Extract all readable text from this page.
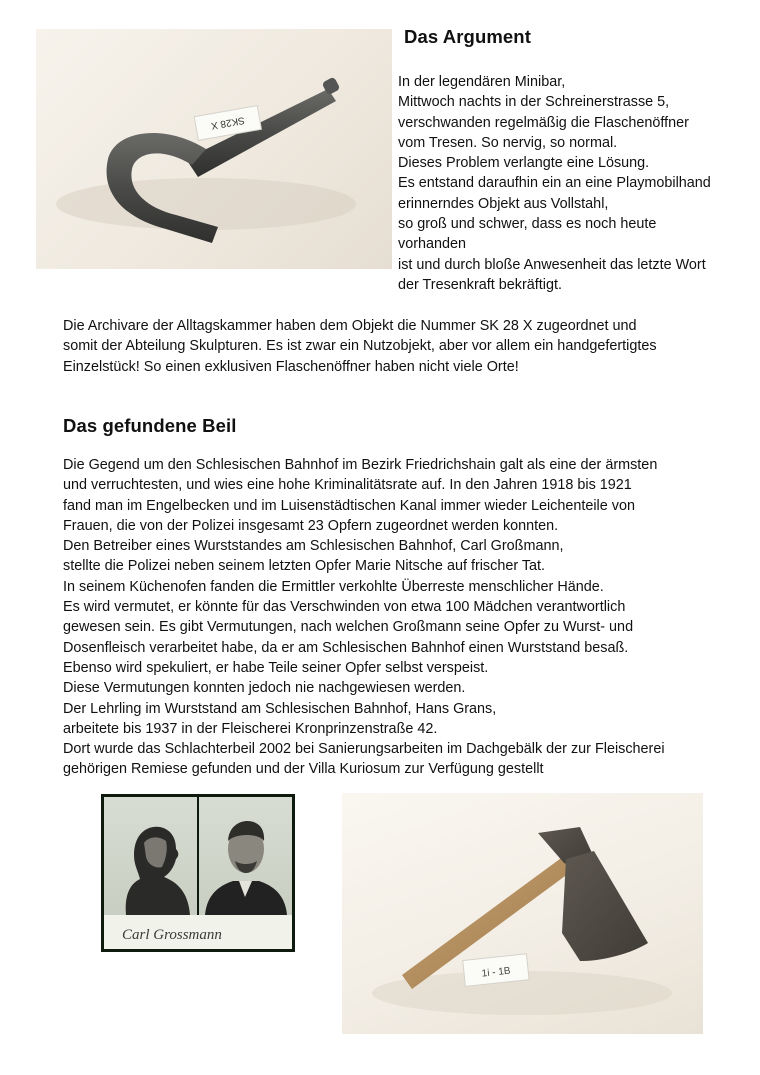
SK28 X
Das Argument
In der legendären Minibar,
Mittwoch nachts in der Schreinerstrasse 5,
verschwanden regelmäßig die Flaschenöffner
vom Tresen. So nervig, so normal.
Dieses Problem verlangte eine Lösung.
Es entstand daraufhin ein an eine Playmobilhand
erinnerndes Objekt aus Vollstahl,
so groß und schwer, dass es noch heute
vorhanden
ist und durch bloße Anwesenheit das letzte Wort
der Tresenkraft bekräftigt.
Die Archivare der Alltagskammer haben dem Objekt die Nummer SK 28 X zugeordnet und
somit der Abteilung Skulpturen. Es ist zwar ein Nutzobjekt, aber vor allem ein handgefertigtes
Einzelstück! So einen exklusiven Flaschenöffner haben nicht viele Orte!
Das gefundene Beil
Die Gegend um den Schlesischen Bahnhof im Bezirk Friedrichshain galt als eine der ärmsten
und verruchtesten, und wies eine hohe Kriminalitätsrate auf. In den Jahren 1918 bis 1921
fand man im Engelbecken und im Luisenstädtischen Kanal immer wieder Leichenteile von
Frauen, die von der Polizei insgesamt 23 Opfern zugeordnet werden konnten.
Den Betreiber eines Wurststandes am Schlesischen Bahnhof, Carl Großmann,
stellte die Polizei neben seinem letzten Opfer Marie Nitsche auf frischer Tat.
In seinem Küchenofen fanden die Ermittler verkohlte Überreste menschlicher Hände.
Es wird vermutet, er könnte für das Verschwinden von etwa 100 Mädchen verantwortlich
gewesen sein. Es gibt Vermutungen, nach welchen Großmann seine Opfer zu Wurst- und
Dosenfleisch verarbeitet habe, da er am Schlesischen Bahnhof einen Wurststand besaß.
Ebenso wird spekuliert, er habe Teile seiner Opfer selbst verspeist.
Diese Vermutungen konnten jedoch nie nachgewiesen werden.
Der Lehrling im Wurststand am Schlesischen Bahnhof, Hans Grans,
arbeitete bis 1937 in der Fleischerei Kronprinzenstraße 42.
Dort wurde das Schlachterbeil 2002 bei Sanierungsarbeiten im Dachgebälk der zur Fleischerei
gehörigen Remiese gefunden und der Villa Kuriosum zur Verfügung gestellt
Carl Grossmann
1i - 1B
